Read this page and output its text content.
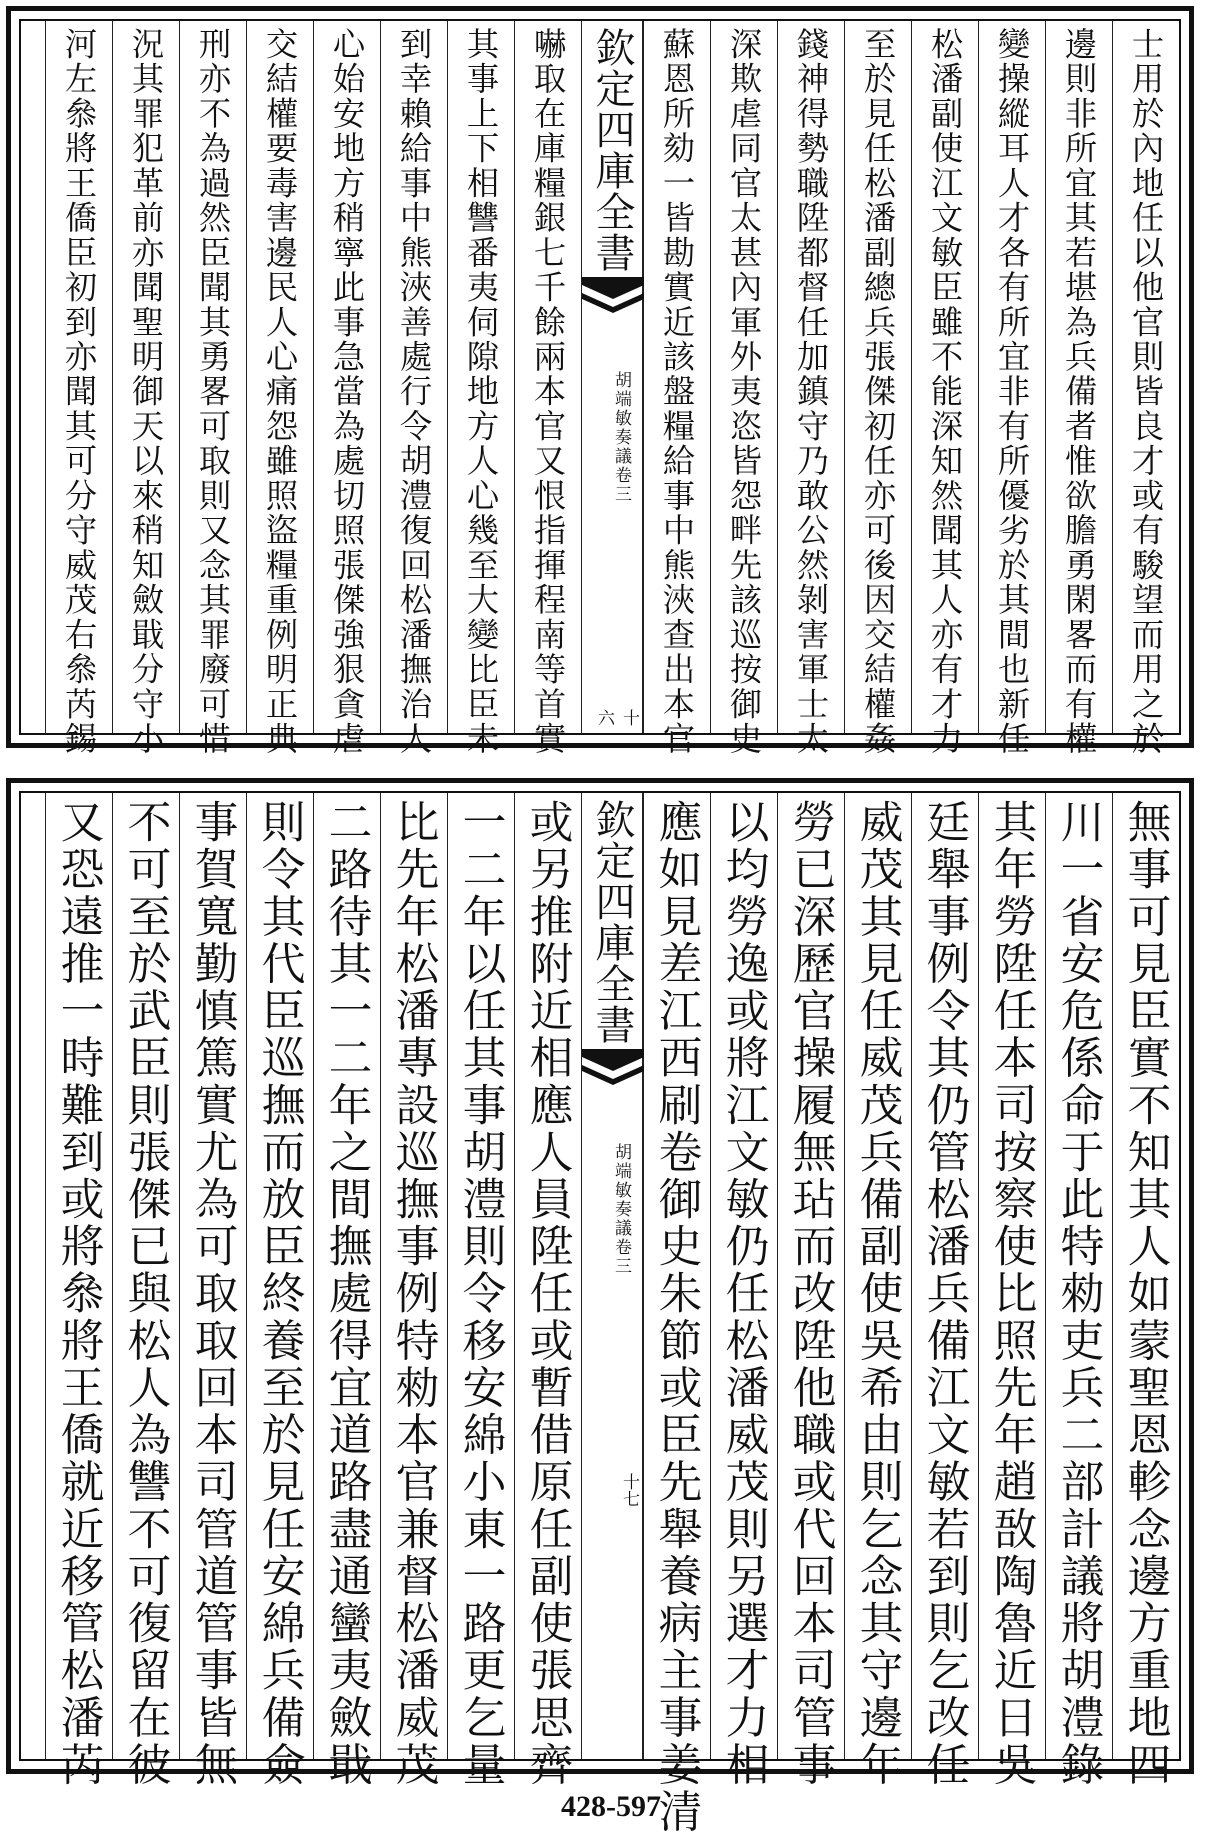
士用於內地任以他官則皆良才或有駿望而用之於
邊則非所宜其若堪為兵備者惟欲膽勇閑畧而有權
變操縱耳人才各有所宜非有所優劣於其間也新任
松潘副使江文敏臣雖不能深知然聞其人亦有才力
至於見任松潘副總兵張傑初任亦可後因交結權姦
錢神得勢職陞都督任加鎮守乃敢公然剝害軍士太
深欺虐同官太甚內軍外夷恣皆怨畔先該巡按御史
蘇恩所劾一皆勘實近該盤糧給事中熊浹查出本官
欽定四庫全書
胡端敏奏議
卷三
十六
嚇取在庫糧銀七千餘兩本官又恨指揮程南等首實
其事上下相讐番夷伺隙地方人心幾至大變比臣未
到幸賴給事中熊浹善處行令胡澧復回松潘撫治人
心始安地方稍寧此事急當為處切照張傑強狠貪虐
交結權要毒害邊民人心痛怨雖照盜糧重例明正典
刑亦不為過然臣聞其勇畧可取則又念其罪廢可惜
況其罪犯革前亦聞聖明御天以來稍知斂戢分守小
河左叅將王僑臣初到亦聞其可分守威茂右叅芮錫
無事可見臣實不知其人如蒙聖恩軫念邊方重地四
川一省安危係命于此特勑吏兵二部計議將胡澧錄
其年勞陞任本司按察使比照先年趙敔陶魯近日吳
廷舉事例令其仍管松潘兵備江文敏若到則乞改任
威茂其見任威茂兵備副使吳希由則乞念其守邊年
勞已深歷官操履無玷而改陞他職或代回本司管事
以均勞逸或將江文敏仍任松潘威茂則另選才力相
應如見差江西刷卷御史朱節或臣先舉養病主事姜清
欽定四庫全書
胡端敏奏議
卷三
十七
或另推附近相應人員陞任或暫借原任副使張思齊
一二年以任其事胡澧則令移安綿小東一路更乞量
比先年松潘專設巡撫事例特勑本官兼督松潘威茂
二路待其一二年之間撫處得宜道路盡通蠻夷斂戢
則令其代臣巡撫而放臣終養至於見任安綿兵備僉
事賀寬勤慎篤實尤為可取取回本司管道管事皆無
不可至於武臣則張傑已與松人為讐不可復留在彼
又恐遠推一時難到或將叅將王僑就近移管松潘芮
428-597
